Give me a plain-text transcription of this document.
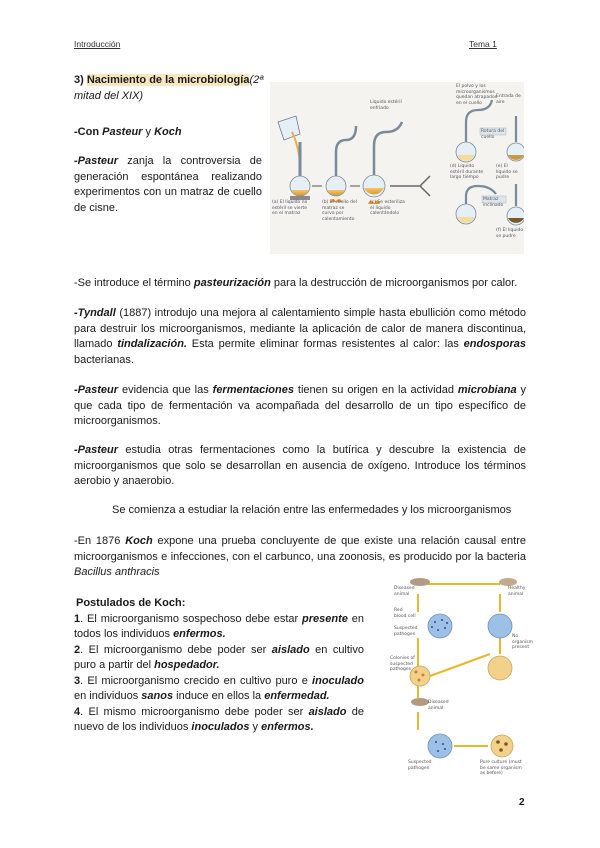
Introducción	Tema 1
3) Nacimiento de la microbiología(2ª
mitad del XIX)
-Con Pasteur y Koch
-Pasteur zanja la controversia de generación espontánea realizando experimentos con un matraz de cuello de cisne.	(a) El líquido no estéril se vierte en el matraz
(b) El cuello del matraz se curva por calentamiento
(c) Se esteriliza el líquido calentándolo
Líquido estéril enfriado
El polvo y los microorganismos quedan atrapados en el cuello
Rotura del cuello
(d) Líquido estéril durante largo tiempo
(e) El líquido se pudre
Matraz inclinado
(f) El líquido se pudre
Entrada de aire
-Se introduce el término pasteurización para la destrucción de microorganismos por calor.
-Tyndall (1887) introdujo una mejora al calentamiento simple hasta ebullición como método para destruir los microorganismos, mediante la aplicación de calor de manera discontinua, llamado tindalización. Esta permite eliminar formas resistentes al calor: las endosporas bacterianas.
-Pasteur evidencia que las fermentaciones tienen su origen en la actividad microbiana y que cada tipo de fermentación va acompañada del desarrollo de un tipo específico de microorganismos.
-Pasteur estudia otras fermentaciones como la butírica y descubre la existencia de microorganismos que solo se desarrollan en ausencia de oxígeno. Introduce los términos aerobio y anaerobio.
Se comienza a estudiar la relación entre las enfermedades y los microorganismos
-En 1876 Koch expone una prueba concluyente de que existe una relación causal entre microorganismos e infecciones, con el carbunco, una zoonosis, es producido por la bacteria Bacillus anthracis
Postulados de Koch:

1. El microorganismo sospechoso debe estar presente en todos los individuos enfermos.
2. El microorganismo debe poder ser aislado en cultivo puro a partir del hospedador.
3. El microorganismo crecido en cultivo puro e inoculado en individuos sanos induce en ellos la enfermedad.
4. El mismo microorganismo debe poder ser aislado de nuevo de los individuos inoculados y enfermos.
Diseased animal
Healthy animal
Red blood cell
Suspected pathogen	No organism present
Colonies of suspected pathogen
Diseased animal
Suspected pathogen
Pure culture (must be same organism as before)
2
